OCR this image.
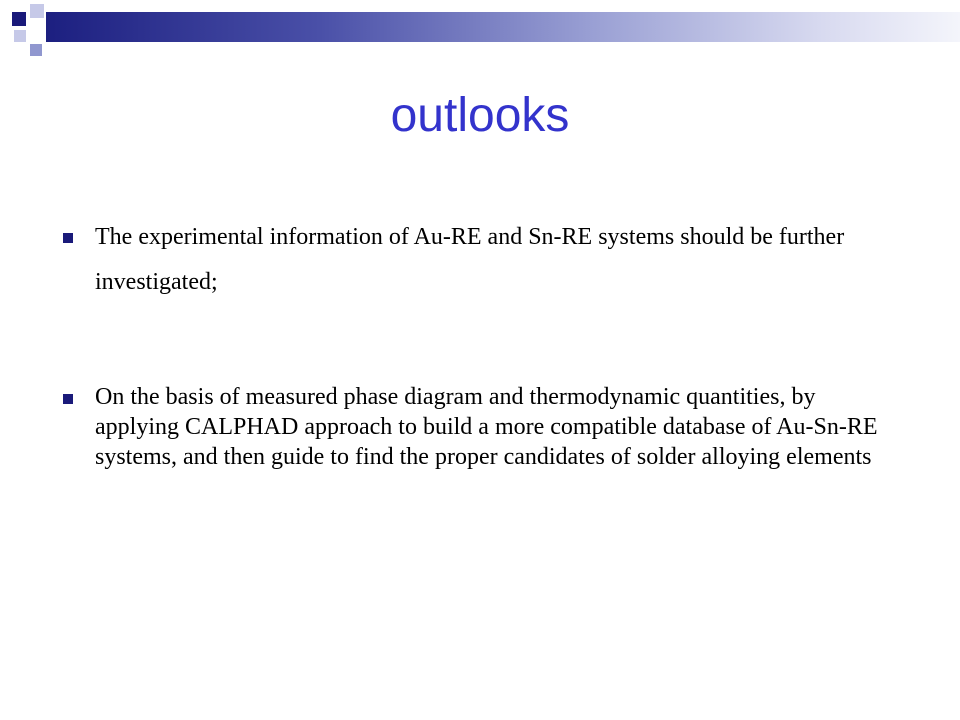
outlooks
The experimental information of Au-RE and Sn-RE systems should be further investigated;
On the basis of measured phase diagram and thermodynamic quantities, by applying CALPHAD approach to build a more compatible database of Au-Sn-RE systems, and then guide to find the proper candidates of solder alloying elements
